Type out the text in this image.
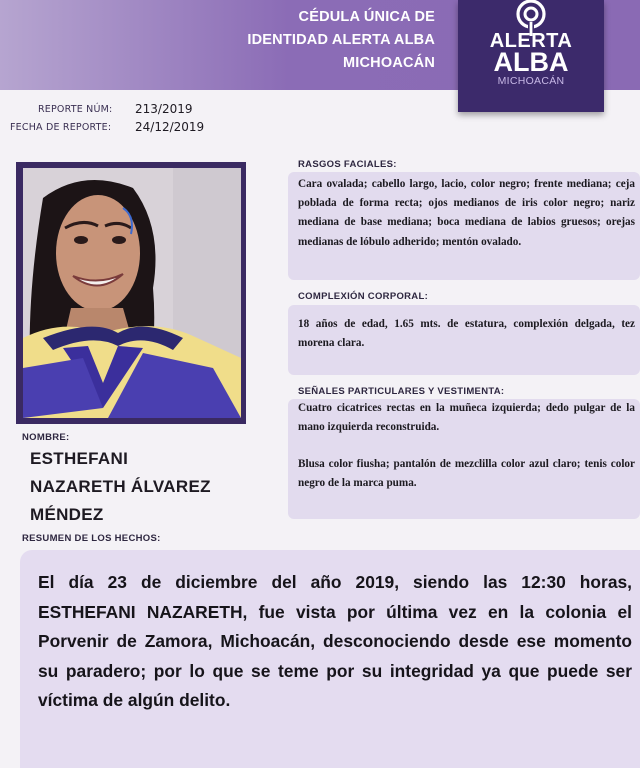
CÉDULA ÚNICA DE
IDENTIDAD ALERTA ALBA
MICHOACÁN
ALERTA
ALBA
MICHOACÁN
REPORTE NÚM: 213/2019
FECHA DE REPORTE: 24/12/2019
NOMBRE:
ESTHEFANI
NAZARETH ÁLVAREZ
MÉNDEZ
RESUMEN DE LOS HECHOS:
RASGOS FACIALES:
Cara ovalada; cabello largo, lacio, color negro; frente mediana; ceja poblada de forma recta; ojos medianos de iris color negro; nariz mediana de base mediana; boca mediana de labios gruesos; orejas medianas de lóbulo adherido; mentón ovalado.
COMPLEXIÓN CORPORAL:
18 años de edad, 1.65 mts. de estatura, complexión delgada, tez morena clara.
SEÑALES PARTICULARES Y VESTIMENTA:
Cuatro cicatrices rectas en la muñeca izquierda; dedo pulgar de la mano izquierda reconstruida.
Blusa color fiusha; pantalón de mezclilla color azul claro; tenis color negro de la marca puma.
El día 23 de diciembre del año 2019, siendo las 12:30 horas, ESTHEFANI NAZARETH, fue vista por última vez en la colonia el Porvenir de Zamora, Michoacán, desconociendo desde ese momento su paradero; por lo que se teme por su integridad ya que puede ser víctima de algún delito.
